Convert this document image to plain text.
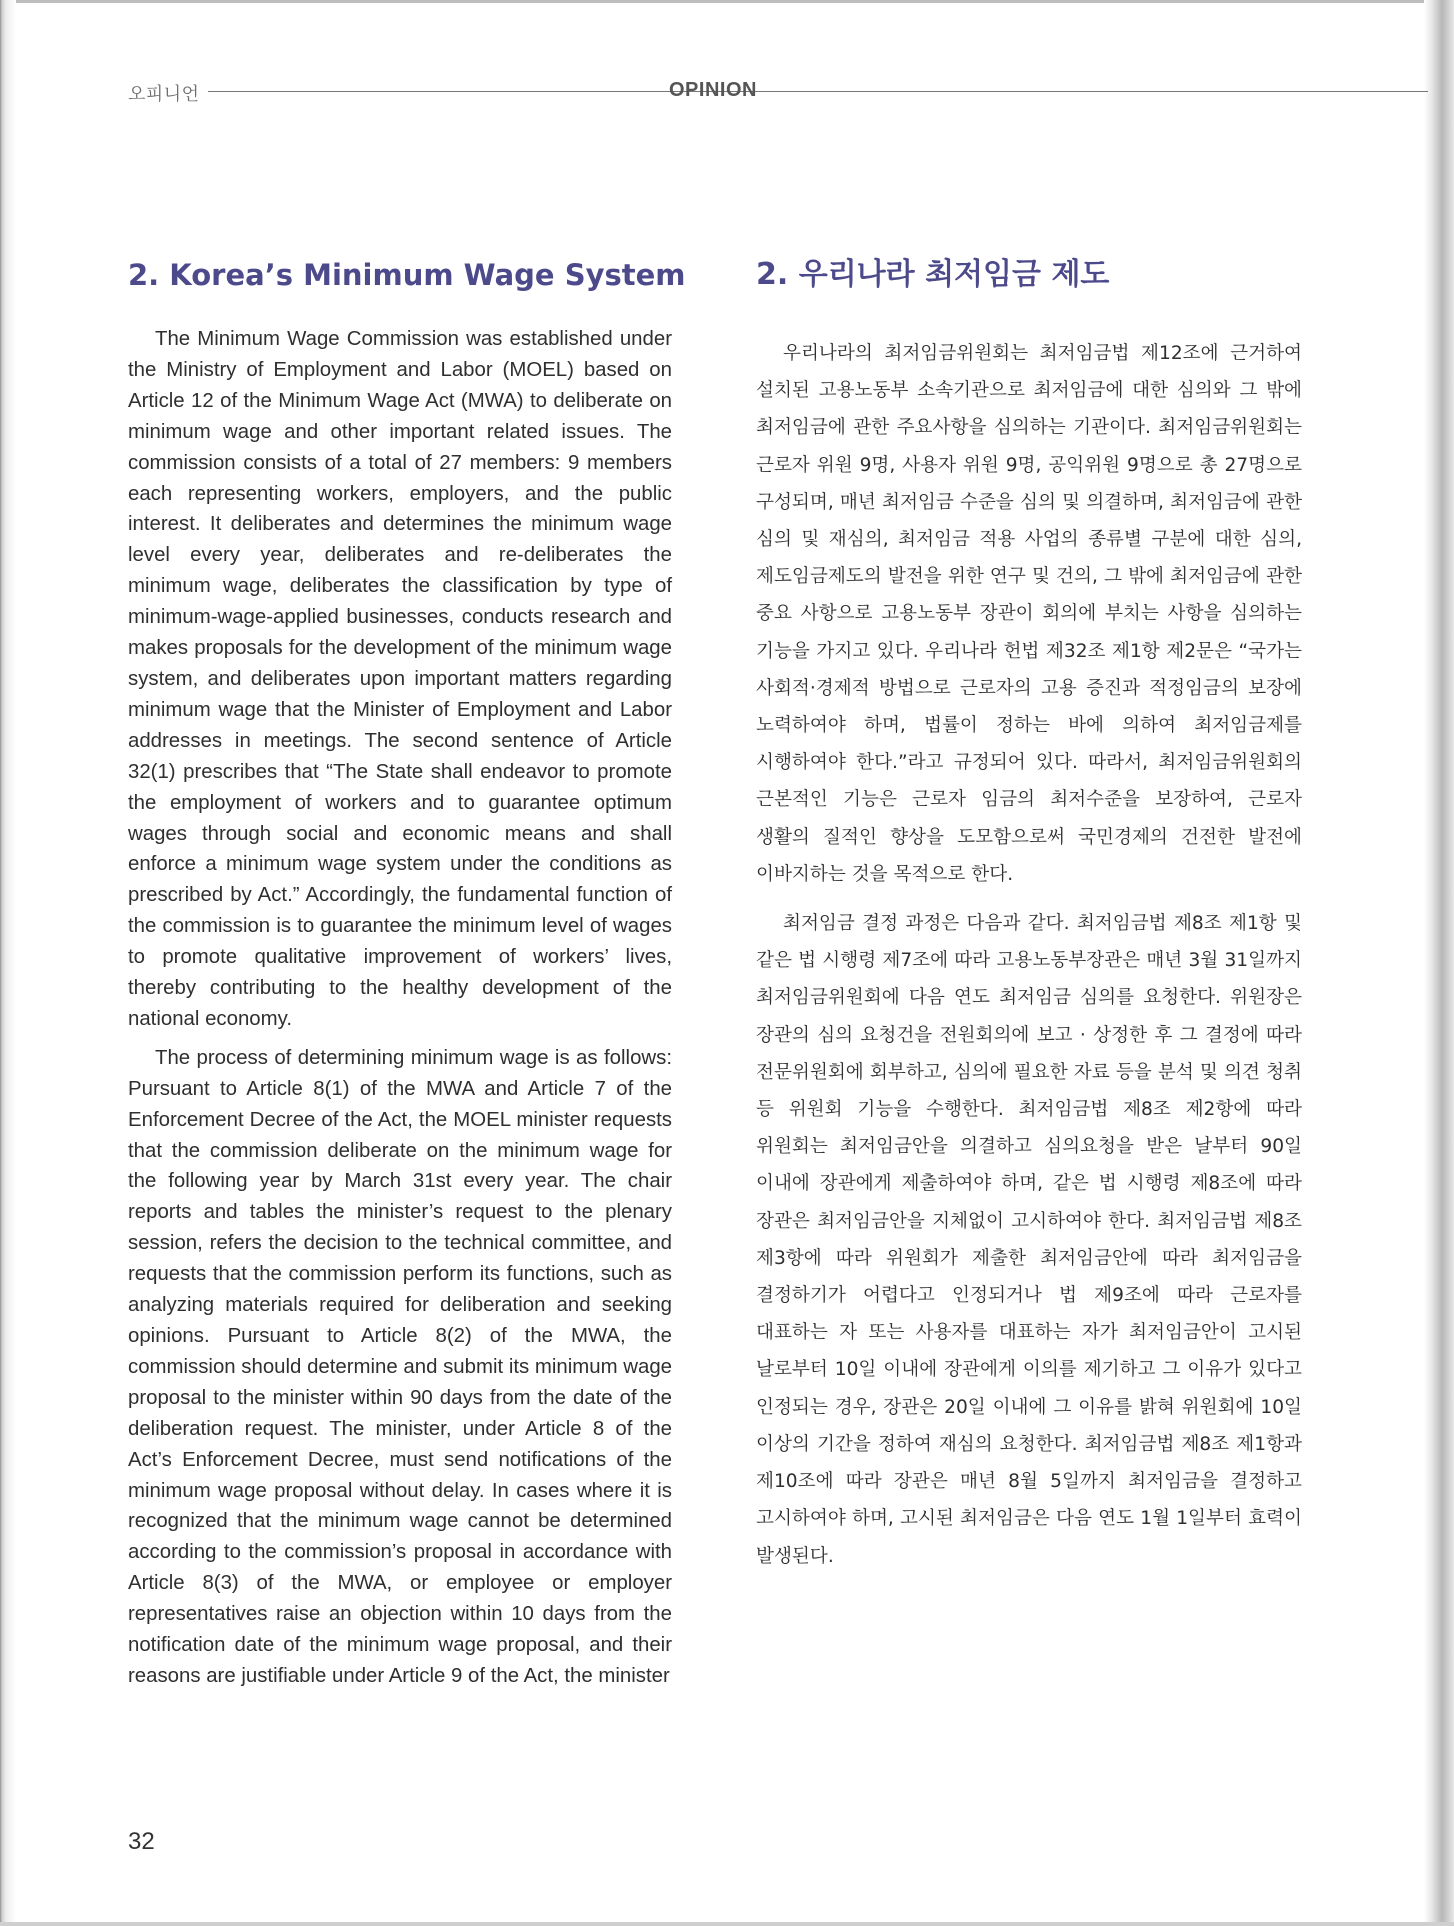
오피니언	OPINION
2. Korea’s Minimum Wage System

The Minimum Wage Commission was established under the Ministry of Employment and Labor (MOEL) based on Article 12 of the Minimum Wage Act (MWA) to deliberate on minimum wage and other important related issues. The commission consists of a total of 27 members: 9 members each representing workers, employers, and the public interest. It deliberates and determines the minimum wage level every year, deliberates and re-deliberates the minimum wage, deliberates the classification by type of minimum-wage-applied businesses, conducts research and makes proposals for the development of the minimum wage system, and deliberates upon important matters regarding minimum wage that the Minister of Employment and Labor addresses in meetings. The second sentence of Article 32(1) prescribes that “The State shall endeavor to promote the employment of workers and to guarantee optimum wages through social and economic means and shall enforce a minimum wage system under the conditions as prescribed by Act.” Accordingly, the fundamental function of the commission is to guarantee the minimum level of wages to promote qualitative improvement of workers’ lives, thereby contributing to the healthy development of the national economy.

The process of determining minimum wage is as follows: Pursuant to Article 8(1) of the MWA and Article 7 of the Enforcement Decree of the Act, the MOEL minister requests that the commission deliberate on the minimum wage for the following year by March 31st every year. The chair reports and tables the minister’s request to the plenary session, refers the decision to the technical committee, and requests that the commission perform its functions, such as analyzing materials required for deliberation and seeking opinions. Pursuant to Article 8(2) of the MWA, the commission should determine and submit its minimum wage proposal to the minister within 90 days from the date of the deliberation request. The minister, under Article 8 of the Act’s Enforcement Decree, must send notifications of the minimum wage proposal without delay. In cases where it is recognized that the minimum wage cannot be determined according to the commission’s proposal in accordance with Article 8(3) of the MWA, or employee or employer representatives raise an objection within 10 days from the notification date of the minimum wage proposal, and their reasons are justifiable under Article 9 of the Act, the minister

2. 우리나라 최저임금 제도

우리나라의 최저임금위원회는 최저임금법 제12조에 근거하여 설치된 고용노동부 소속기관으로 최저임금에 대한 심의와 그 밖에 최저임금에 관한 주요사항을 심의하는 기관이다. 최저임금위원회는 근로자 위원 9명, 사용자 위원 9명, 공익위원 9명으로 총 27명으로 구성되며, 매년 최저임금 수준을 심의 및 의결하며, 최저임금에 관한 심의 및 재심의, 최저임금 적용 사업의 종류별 구분에 대한 심의, 제도임금제도의 발전을 위한 연구 및 건의, 그 밖에 최저임금에 관한 중요 사항으로 고용노동부 장관이 회의에 부치는 사항을 심의하는 기능을 가지고 있다. 우리나라 헌법 제32조 제1항 제2문은 “국가는 사회적·경제적 방법으로 근로자의 고용 증진과 적정임금의 보장에 노력하여야 하며, 법률이 정하는 바에 의하여 최저임금제를 시행하여야 한다.”라고 규정되어 있다. 따라서, 최저임금위원회의 근본적인 기능은 근로자 임금의 최저수준을 보장하여, 근로자 생활의 질적인 향상을 도모함으로써 국민경제의 건전한 발전에 이바지하는 것을 목적으로 한다.

최저임금 결정 과정은 다음과 같다. 최저임금법 제8조 제1항 및 같은 법 시행령 제7조에 따라 고용노동부장관은 매년 3월 31일까지 최저임금위원회에 다음 연도 최저임금 심의를 요청한다. 위원장은 장관의 심의 요청건을 전원회의에 보고 · 상정한 후 그 결정에 따라 전문위원회에 회부하고, 심의에 필요한 자료 등을 분석 및 의견 청취 등 위원회 기능을 수행한다. 최저임금법 제8조 제2항에 따라 위원회는 최저임금안을 의결하고 심의요청을 받은 날부터 90일 이내에 장관에게 제출하여야 하며, 같은 법 시행령 제8조에 따라 장관은 최저임금안을 지체없이 고시하여야 한다. 최저임금법 제8조 제3항에 따라 위원회가 제출한 최저임금안에 따라 최저임금을 결정하기가 어렵다고 인정되거나 법 제9조에 따라 근로자를 대표하는 자 또는 사용자를 대표하는 자가 최저임금안이 고시된 날로부터 10일 이내에 장관에게 이의를 제기하고 그 이유가 있다고 인정되는 경우, 장관은 20일 이내에 그 이유를 밝혀 위원회에 10일 이상의 기간을 정하여 재심의 요청한다. 최저임금법 제8조 제1항과 제10조에 따라 장관은 매년 8월 5일까지 최저임금을 결정하고 고시하여야 하며, 고시된 최저임금은 다음 연도 1월 1일부터 효력이 발생된다.

32
